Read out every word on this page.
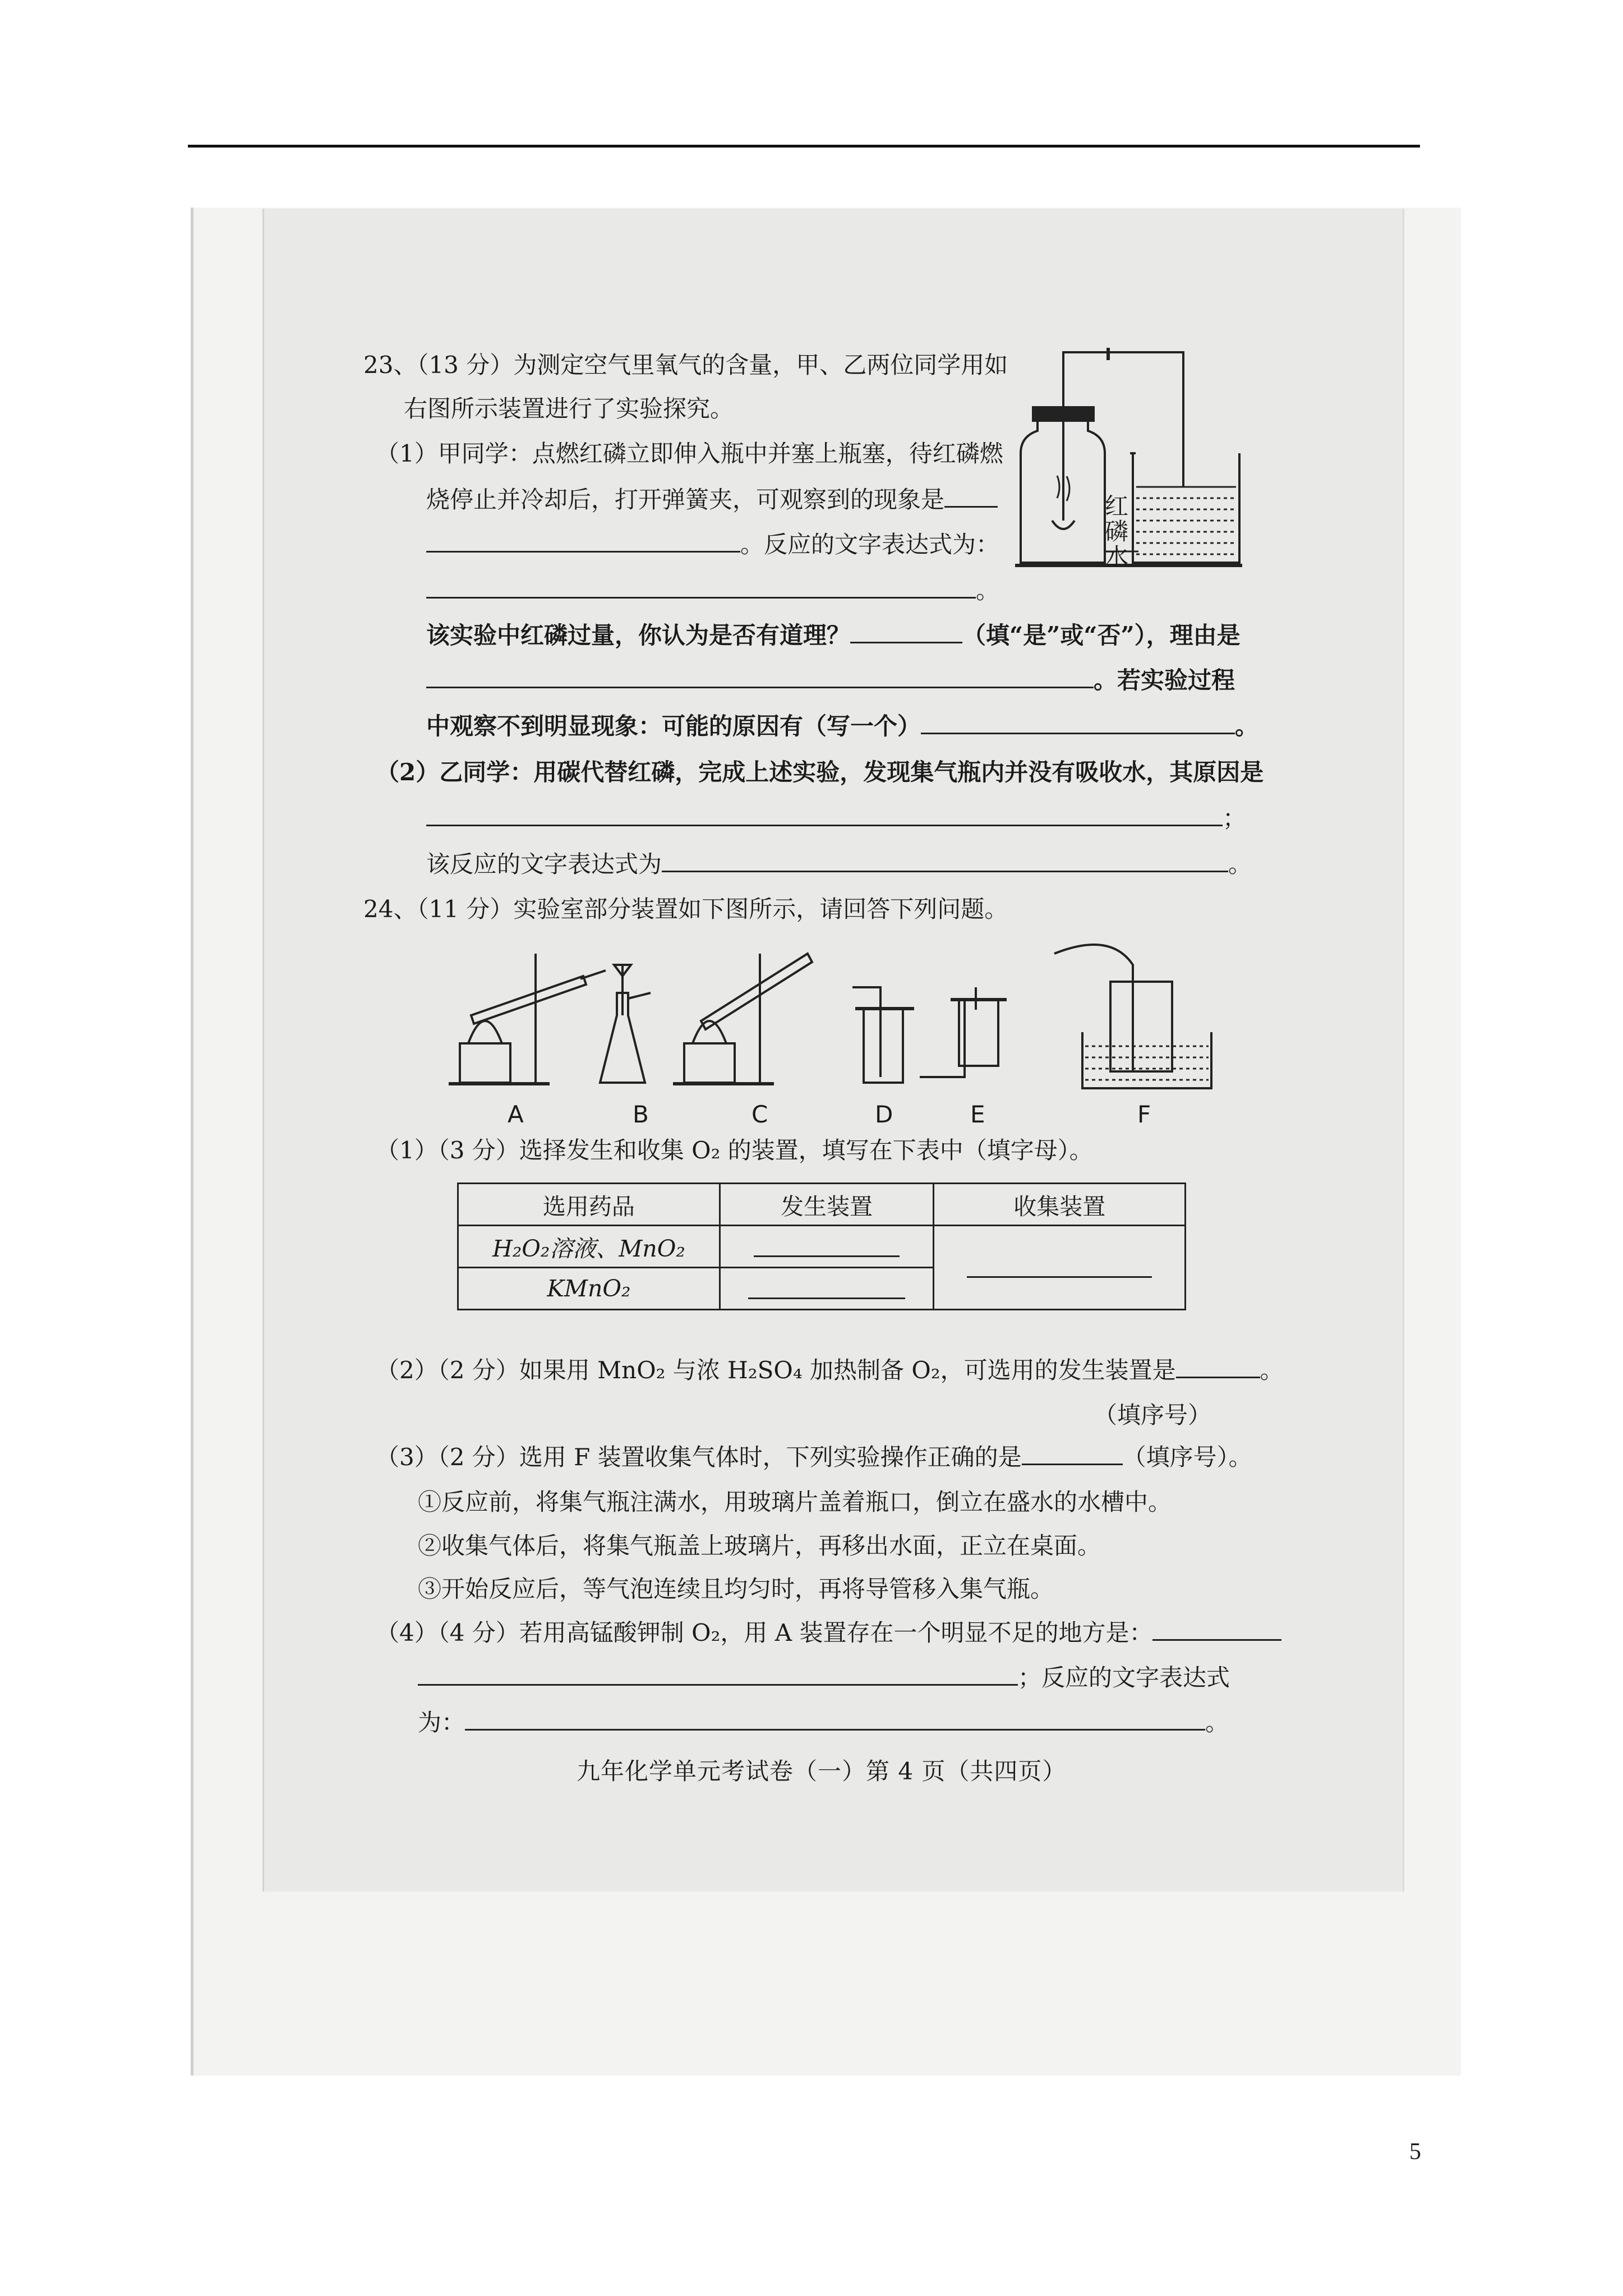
23、（13 分）为测定空气里氧气的含量，甲、乙两位同学用如
右图所示装置进行了实验探究。
（1）甲同学：点燃红磷立即伸入瓶中并塞上瓶塞，待红磷燃
烧停止并冷却后，打开弹簧夹，可观察到的现象是
。反应的文字表达式为：
。
该实验中红磷过量，你认为是否有道理？	（填“是”或“否”），理由是
。若实验过程
中观察不到明显现象：可能的原因有（写一个）	。
（2）乙同学：用碳代替红磷，完成上述实验，发现集气瓶内并没有吸收水，其原因是
；
该反应的文字表达式为	。
红
磷
水
24、（11 分）实验室部分装置如下图所示，请回答下列问题。
A	B	C	D	E	F
（1）（3 分）选择发生和收集 O₂ 的装置，填写在下表中（填字母）。
选用药品	发生装置	收集装置
H₂O₂溶液、MnO₂		
KMnO₂		
（2）（2 分）如果用 MnO₂ 与浓 H₂SO₄ 加热制备 O₂，可选用的发生装置是	。
（填序号）
（3）（2 分）选用 F 装置收集气体时，下列实验操作正确的是	（填序号）。
①反应前，将集气瓶注满水，用玻璃片盖着瓶口，倒立在盛水的水槽中。
②收集气体后，将集气瓶盖上玻璃片，再移出水面，正立在桌面。
③开始反应后，等气泡连续且均匀时，再将导管移入集气瓶。
（4）（4 分）若用高锰酸钾制 O₂，用 A 装置存在一个明显不足的地方是：
；反应的文字表达式
为：	。
九年化学单元考试卷（一）第 4 页（共四页）
5
